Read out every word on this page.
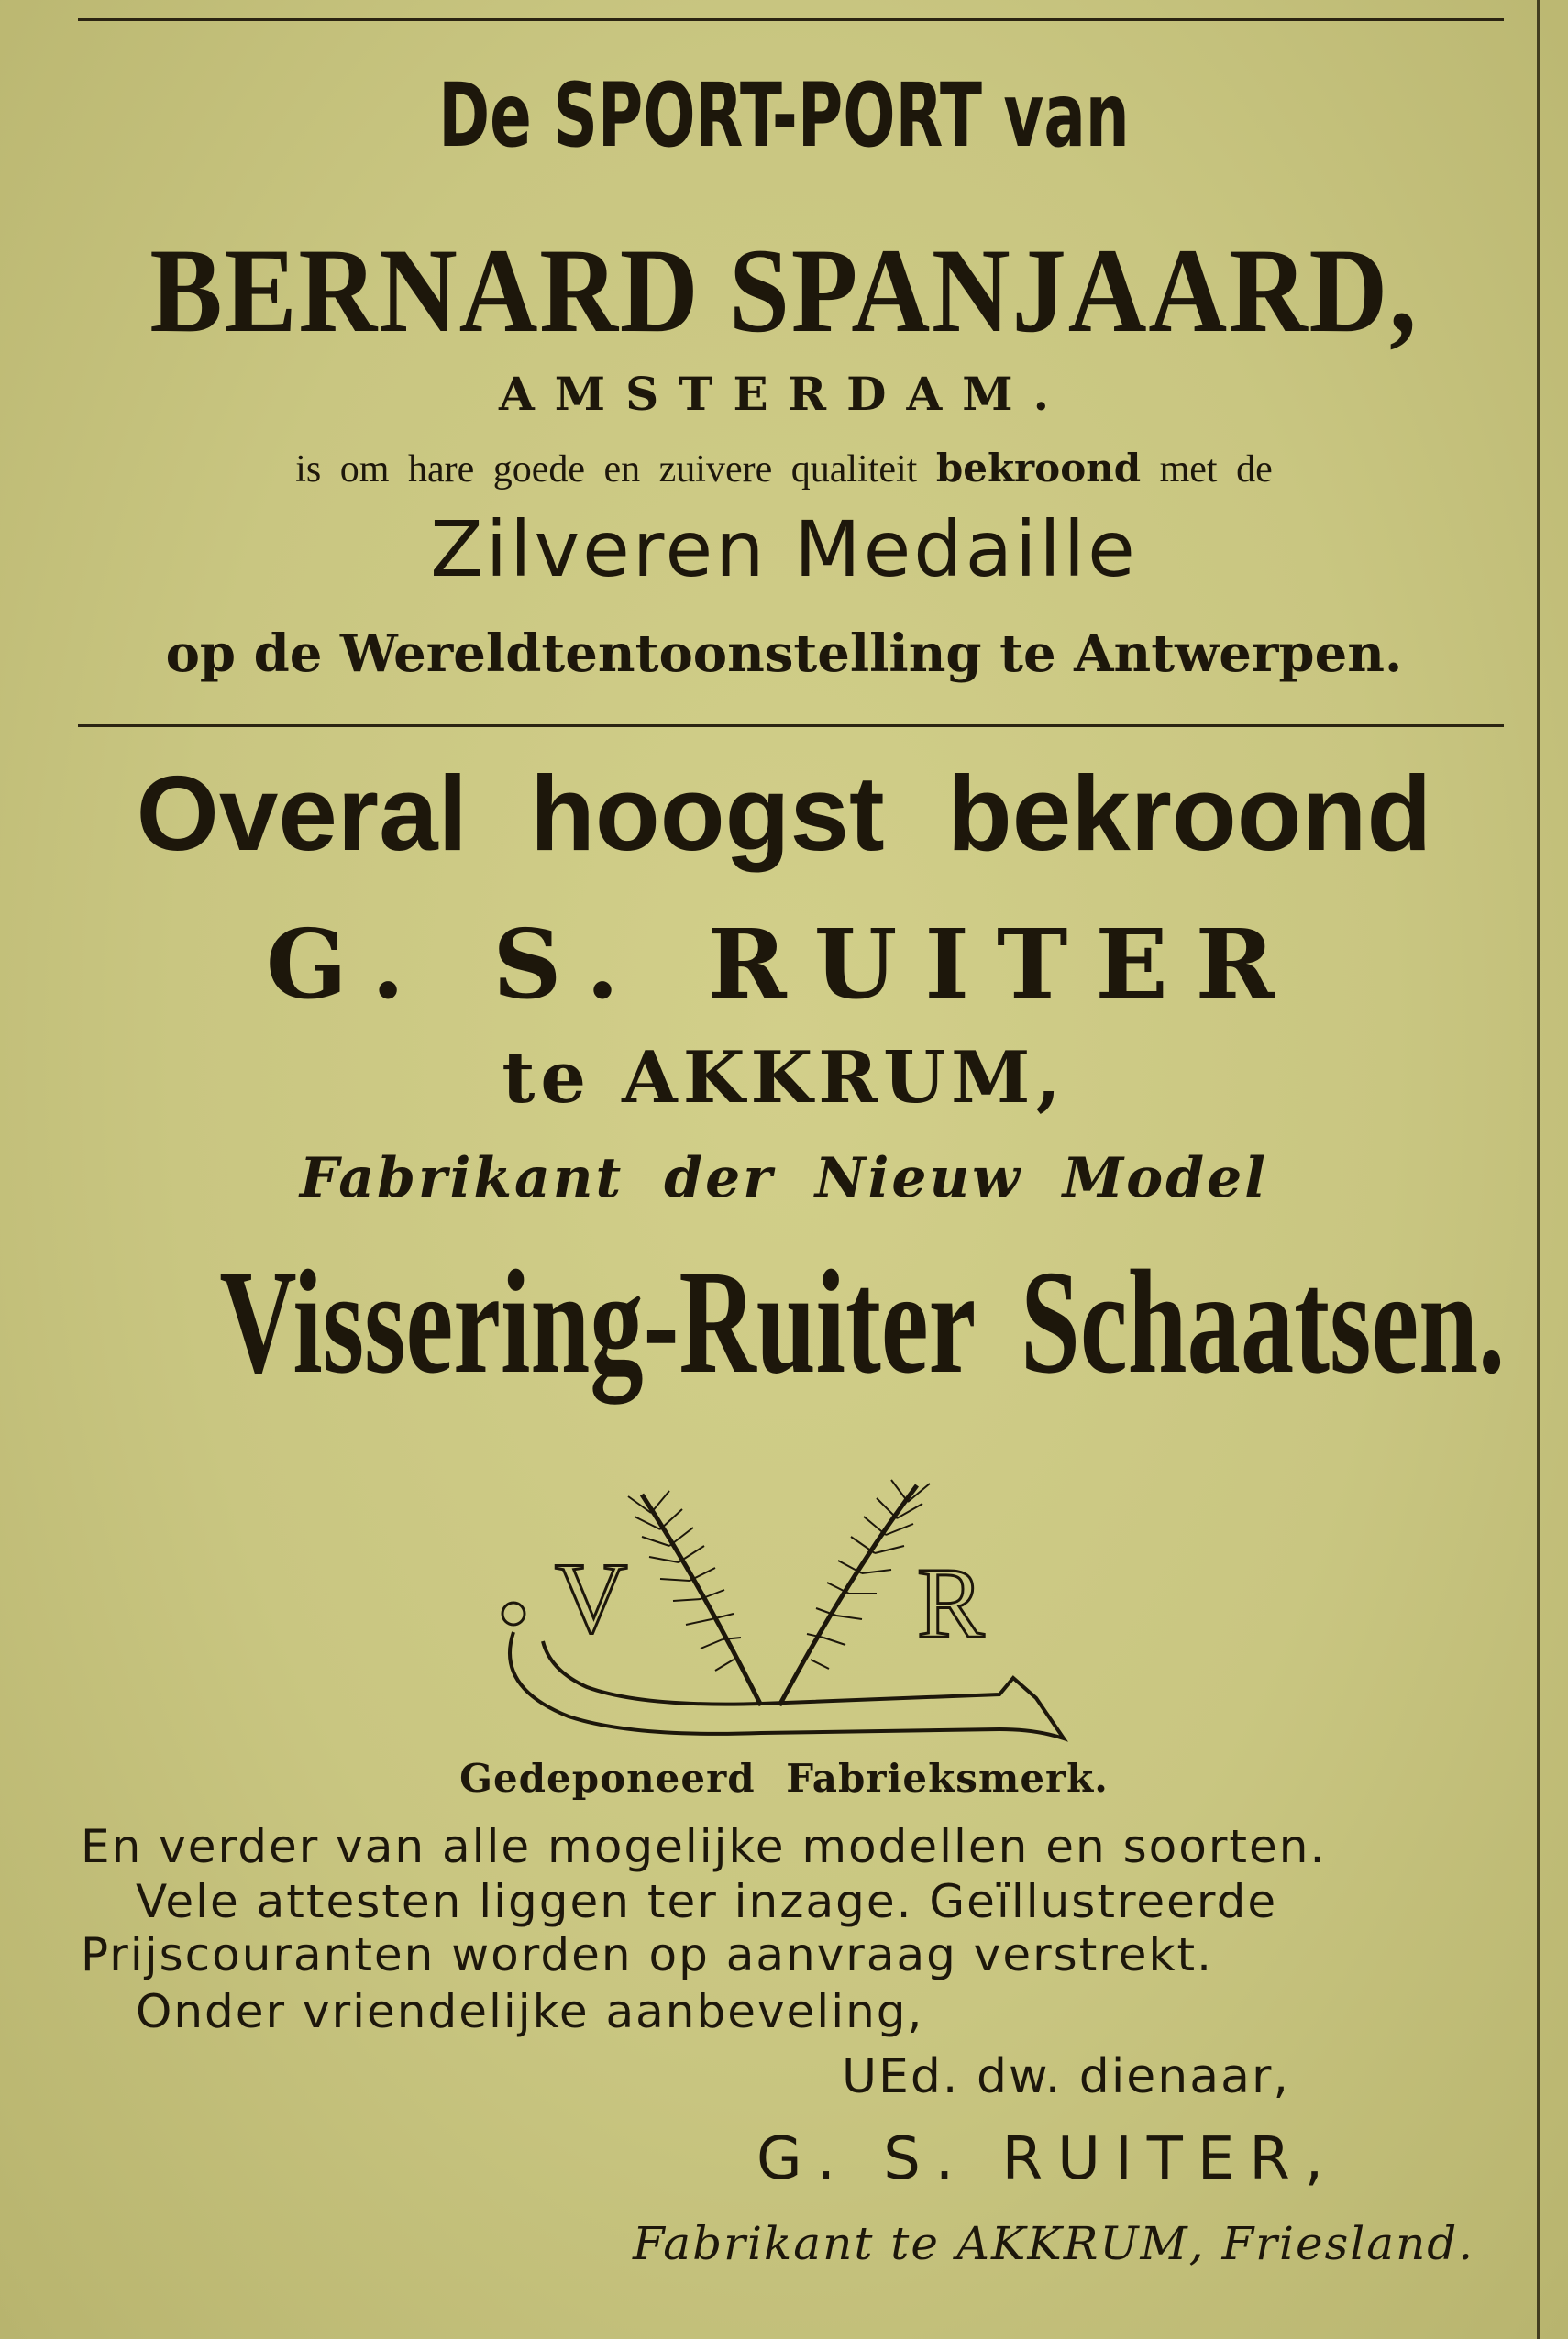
De SPORT-PORT van
BERNARD SPANJAARD,
AMSTERDAM.
is om hare goede en zuivere qualiteit bekroond met de
Zilveren Medaille
op de Wereldtentoonstelling te Antwerpen.
Overal hoogst bekroond
G. S. RUITER
te AKKRUM,
Fabrikant der Nieuw Model
Vissering-Ruiter Schaatsen.
V	R
Gedeponeerd Fabrieksmerk.
En verder van alle mogelijke modellen en soorten.
Vele attesten liggen ter inzage. Geïllustreerde
Prijscouranten worden op aanvraag verstrekt.
Onder vriendelijke aanbeveling,
UEd. dw. dienaar,
G. S. RUITER,
Fabrikant te AKKRUM, Friesland.
